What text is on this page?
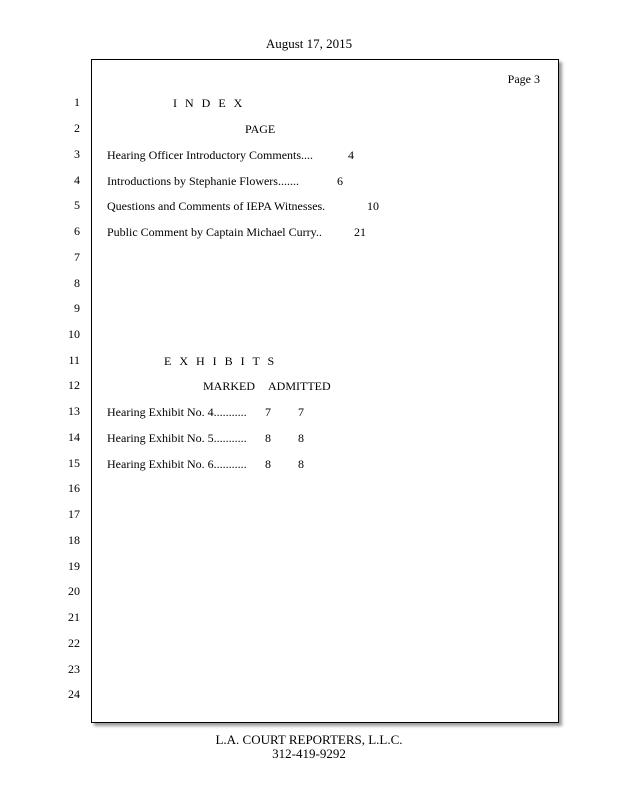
August 17, 2015
1
2
3
4
5
6
7
8
9
10
11
12
13
14
15
16
17
18
19
20
21
22
23
24
Page 3
I N D E X
PAGE
Hearing Officer Introductory Comments....	4
Introductions by Stephanie Flowers.......	6
Questions and Comments of IEPA Witnesses.	10
Public Comment by Captain Michael Curry..	21
E X H I B I T S
MARKED ADMITTED
Hearing Exhibit No. 4........... 7 7
Hearing Exhibit No. 5........... 8 8
Hearing Exhibit No. 6........... 8 8
L.A. COURT REPORTERS, L.L.C.
312-419-9292
